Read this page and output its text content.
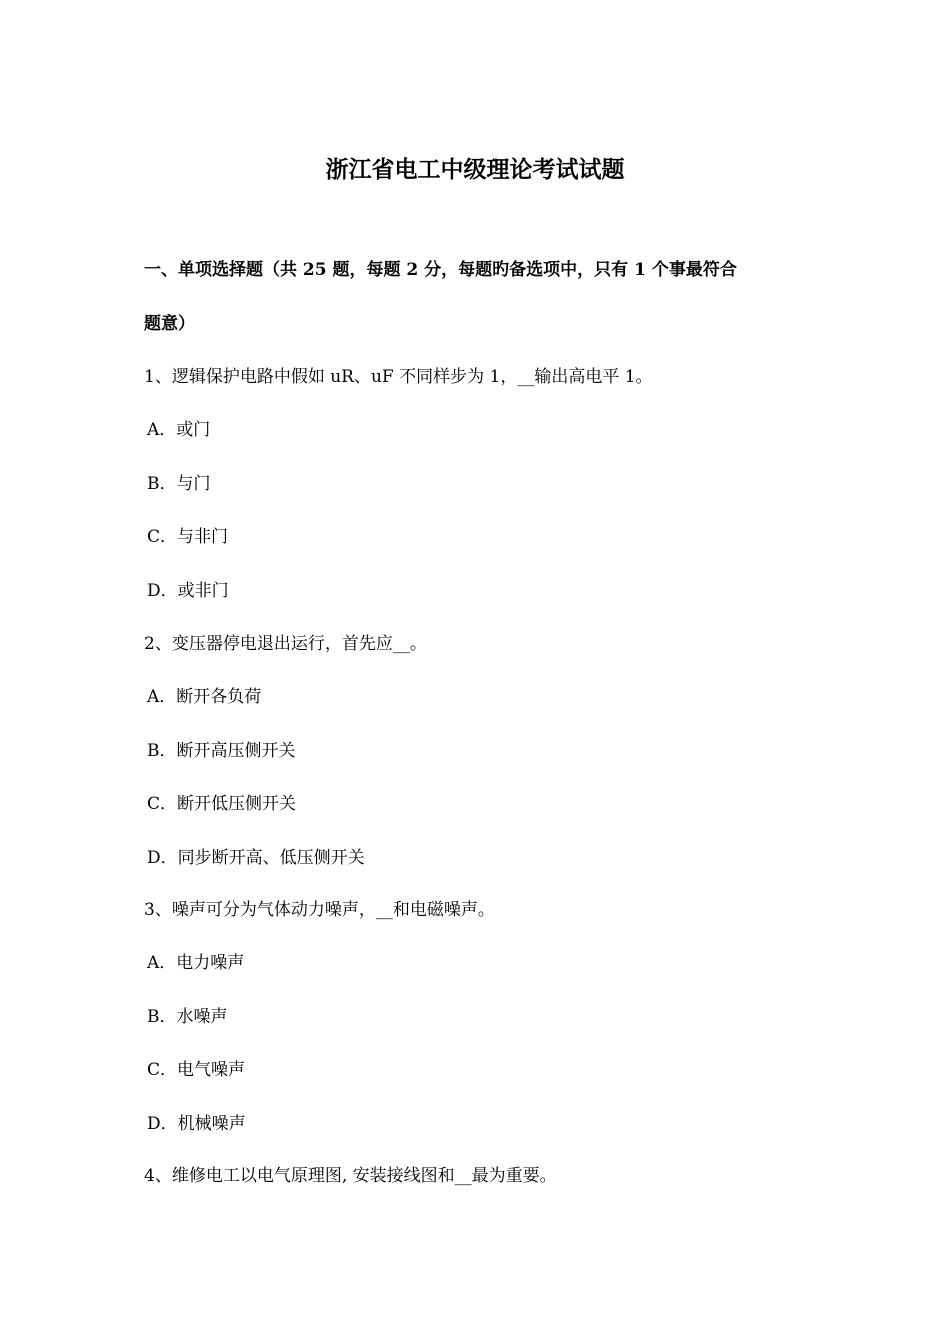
浙江省电工中级理论考试试题
一、单项选择题（共 25 题，每题 2 分，每题旳备选项中，只有 1 个事最符合
题意）
1、逻辑保护电路中假如 uR、uF 不同样步为 1，__输出高电平 1。
A．或门
B．与门
C．与非门
D．或非门
2、变压器停电退出运行，首先应__。
A．断开各负荷
B．断开高压侧开关
C．断开低压侧开关
D．同步断开高、低压侧开关
3、噪声可分为气体动力噪声，__和电磁噪声。
A．电力噪声
B．水噪声
C．电气噪声
D．机械噪声
4、维修电工以电气原理图, 安装接线图和__最为重要。
